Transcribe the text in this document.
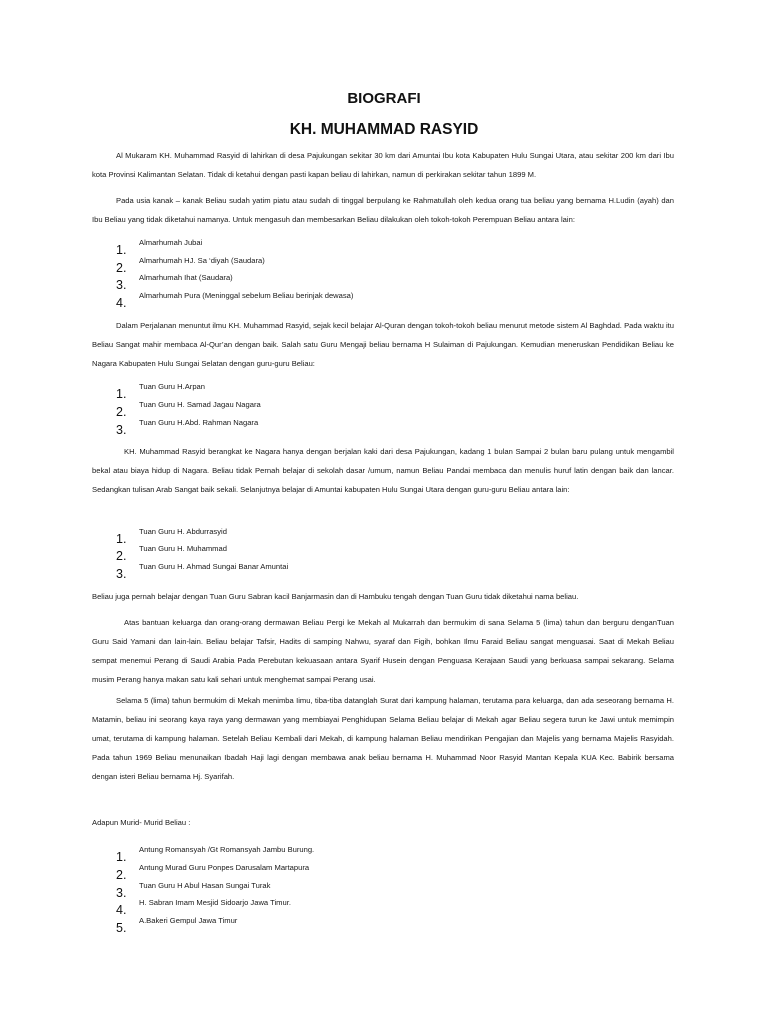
BIOGRAFI
KH. MUHAMMAD RASYID
Al Mukaram KH. Muhammad Rasyid di lahirkan di desa Pajukungan sekitar 30 km dari Amuntai Ibu kota Kabupaten Hulu Sungai Utara, atau sekitar 200 km dari Ibu kota Provinsi Kalimantan Selatan. Tidak di ketahui dengan pasti kapan beliau di lahirkan, namun di perkirakan sekitar tahun 1899 M.
Pada usia kanak – kanak Beliau sudah yatim piatu atau sudah di tinggal berpulang ke Rahmatullah oleh kedua orang tua beliau yang bernama H.Ludin (ayah) dan Ibu Beliau yang tidak diketahui namanya. Untuk mengasuh dan membesarkan Beliau dilakukan oleh tokoh-tokoh Perempuan Beliau antara lain:
1.
Almarhumah Jubai
2.
Almarhumah HJ. Sa ‘diyah (Saudara)
3.
Almarhumah Ihat (Saudara)
4.
Almarhumah Pura (Meninggal sebelum Beliau berinjak dewasa)
Dalam Perjalanan menuntut ilmu KH. Muhammad Rasyid, sejak kecil belajar Al-Quran dengan tokoh-tokoh beliau menurut metode sistem Al Baghdad. Pada waktu itu Beliau Sangat mahir membaca Al-Qur’an dengan baik. Salah satu Guru Mengaji beliau bernama H Sulaiman di Pajukungan. Kemudian meneruskan Pendidikan Beliau ke Nagara Kabupaten Hulu Sungai Selatan dengan guru-guru Beliau:
1.
Tuan Guru H.Arpan
2.
Tuan Guru H. Samad Jagau Nagara
3.
Tuan Guru H.Abd. Rahman Nagara
KH. Muhammad Rasyid berangkat ke Nagara hanya dengan berjalan kaki dari desa Pajukungan, kadang 1 bulan Sampai 2 bulan baru pulang untuk mengambil bekal atau biaya hidup di Nagara. Beliau tidak Pernah belajar di sekolah dasar /umum, namun Beliau Pandai membaca dan menulis huruf latin dengan baik dan lancar. Sedangkan tulisan Arab Sangat baik sekali. Selanjutnya belajar di Amuntai kabupaten Hulu Sungai Utara dengan guru-guru Beliau antara lain:
1.
Tuan Guru H. Abdurrasyid
2.
Tuan Guru H. Muhammad
3.
Tuan Guru H. Ahmad Sungai Banar Amuntai
Beliau juga pernah belajar dengan Tuan Guru Sabran kacil Banjarmasin dan di Hambuku tengah dengan Tuan Guru tidak diketahui nama beliau.
Atas bantuan keluarga dan orang-orang dermawan Beliau Pergi ke Mekah al Mukarrah dan bermukim di sana Selama 5 (lima) tahun dan berguru denganTuan Guru Said Yamani dan lain-lain. Beliau belajar Tafsir, Hadits di samping Nahwu, syaraf dan Figih, bohkan Ilmu Faraid Beliau sangat menguasai. Saat di Mekah Beliau sempat menemui Perang di Saudi Arabia Pada Perebutan kekuasaan antara Syarif Husein dengan Penguasa Kerajaan Saudi yang berkuasa sampai sekarang. Selama musim Perang hanya makan satu kali sehari untuk menghemat sampai Perang usai.
Selama 5 (lima) tahun bermukim di Mekah menimba Iimu, tiba-tiba datanglah Surat dari kampung halaman, terutama para keluarga, dan ada seseorang bernama H. Matamin, beliau ini seorang kaya raya yang dermawan yang membiayai Penghidupan Selama Beliau belajar di Mekah agar Beliau segera turun ke Jawi untuk memimpin umat, terutama di kampung halaman. Setelah Beliau Kembali dari Mekah, di kampung halaman Beliau mendirikan Pengajian dan Majelis yang bernama Majelis Rasyidah. Pada tahun 1969 Beliau menunaikan Ibadah Haji lagi dengan membawa anak beliau bernama H. Muhammad Noor Rasyid Mantan Kepala KUA Kec. Babirik bersama dengan isteri Beliau bernama Hj. Syarifah.
Adapun Murid- Murid Beliau :
1.
Antung Romansyah /Gt Romansyah Jambu Burung.
2.
Antung Murad Guru Ponpes Darusalam Martapura
3.
Tuan Guru H Abul Hasan Sungai Turak
4.
H. Sabran Imam Mesjid Sidoarjo Jawa Timur.
5.
A.Bakeri Gempul Jawa Timur
